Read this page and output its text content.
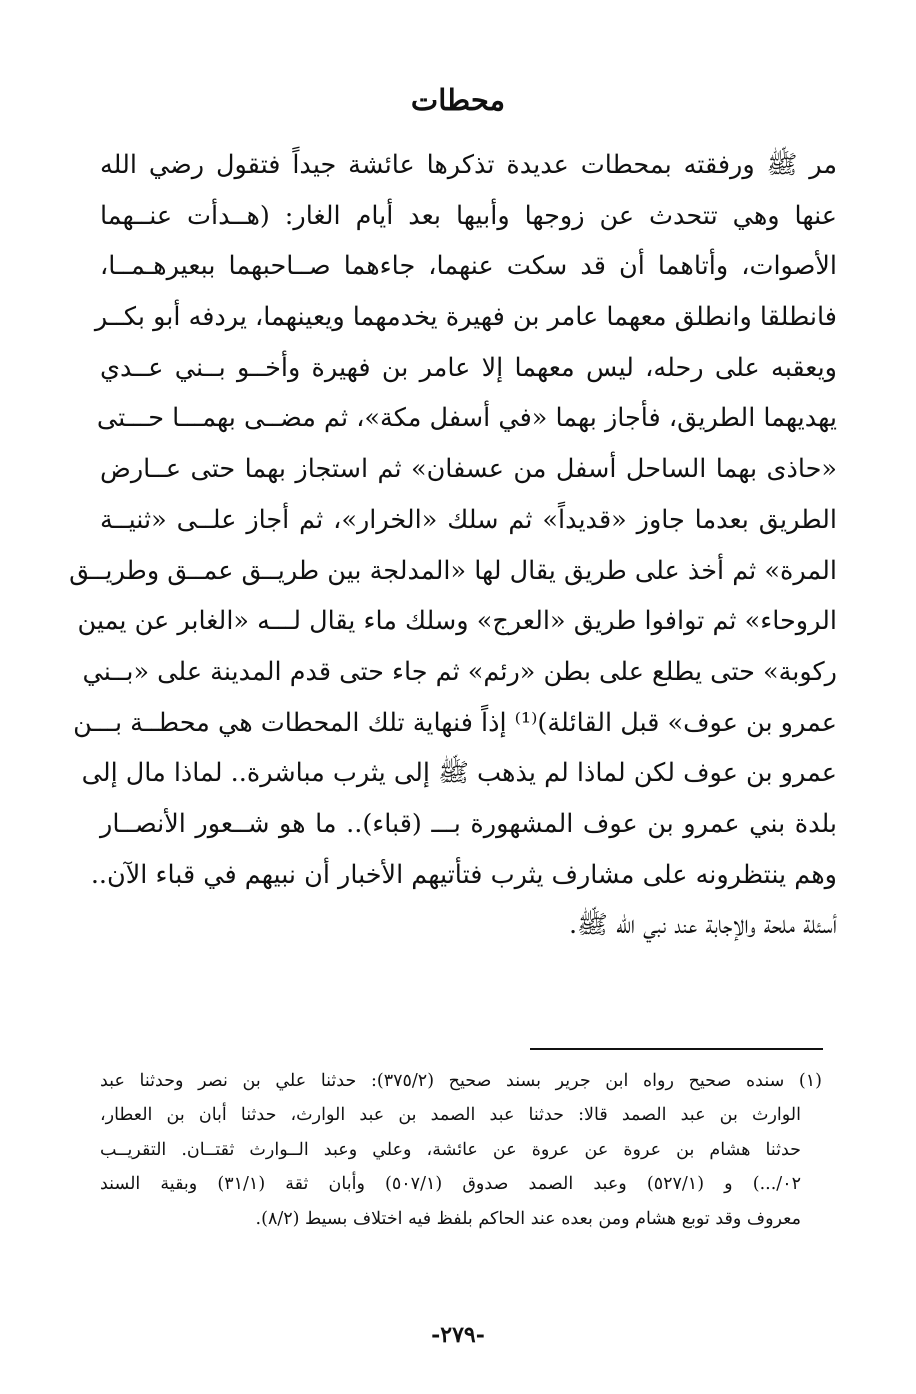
محطات
مر ﷺ ورفقته بمحطات عديدة تذكرها عائشة جيداً فتقول رضي الله
عنها وهي تتحدث عن زوجها وأبيها بعد أيام الغار: (هــدأت عنــهما
الأصوات، وأتاهما أن قد سكت عنهما، جاءهما صــاحبهما ببعيرهـمــا،
فانطلقا وانطلق معهما عامر بن فهيرة يخدمهما ويعينهما، يردفه أبو بكــر
ويعقبه على رحله، ليس معهما إلا عامر بن فهيرة وأخــو بــني عــدي
يهديهما الطريق، فأجاز بهما «في أسفل مكة»، ثم مضــى بهمـــا حـــتى
«حاذى بهما الساحل أسفل من عسفان» ثم استجاز بهما حتى عــارض
الطريق بعدما جاوز «قديداً» ثم سلك «الخرار»، ثم أجاز علــى «ثنيــة
المرة» ثم أخذ على طريق يقال لها «المدلجة بين طريــق عمــق وطريــق
الروحاء» ثم توافوا طريق «العرج» وسلك ماء يقال لـــه «الغابر عن يمين
ركوبة» حتى يطلع على بطن «رئم» ثم جاء حتى قدم المدينة على «بــني
عمرو بن عوف» قبل القائلة)⁽¹⁾ إذاً فنهاية تلك المحطات هي محطــة بـــن
عمرو بن عوف لكن لماذا لم يذهب ﷺ إلى يثرب مباشرة.. لماذا مال إلى
بلدة بني عمرو بن عوف المشهورة بـــ (قباء).. ما هو شــعور الأنصــار
وهم ينتظرونه على مشارف يثرب فتأتيهم الأخبار أن نبيهم في قباء الآن..
أسئلة ملحة والإجابة عند نبي الله ﷺ.
(١) سنده صحيح رواه ابن جرير بسند صحيح (٣٧٥/٢): حدثنا علي بن نصر وحدثنا عبد
الوارث بن عبد الصمد قالا: حدثنا عبد الصمد بن عبد الوارث، حدثنا أبان بن العطار،
حدثنا هشام بن عروة عن عروة عن عائشة، وعلي وعبد الــوارث ثقتــان. التقريــب
٠٢/...) و (٥٢٧/١) وعبد الصمد صدوق (٥٠٧/١) وأبان ثقة (٣١/١) وبقية السند
معروف وقد توبع هشام ومن بعده عند الحاكم بلفظ فيه اختلاف بسيط (٨/٢).
-٢٧٩-
